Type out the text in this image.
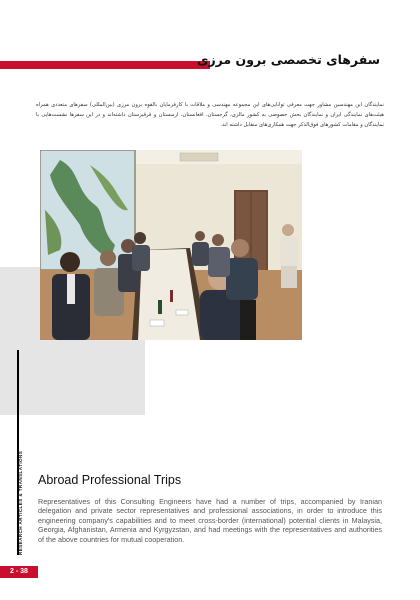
سفرهای تخصصی برون مرزی
نمایندگان این مهندسین مشاور جهت معرفی توانایی‌های این مجموعه مهندسی و ملاقات با کارفرمایان بالقوه برون مرزی (بین‌المللی) سفرهای متعددی همراه هیئت‌های نمایندگی ایران و نمایندگان بخش خصوصی به کشور مالزی، گرجستان، افغانستان، ارمنستان و قرقیزستان داشته‌اند و در این سفرها نشست‌هایی با نمایندگان و مقامات کشورهای فوق‌الذکر جهت همکاری‌های متقابل داشته اند.
Abroad Professional Trips
Representatives of this Consulting Engineers have had a number of trips, accompanied by Iranian delegation and private sector representatives and professional associations, in order to introduce this engineering company's capabilities and to meet cross-border (international) potential clients in Malaysia, Georgia, Afghanistan, Armenia and Kyrgyzstan, and had meetings with the representatives and authorities of the above countries for mutual cooperation.
RESEARCH ARTICLES & TRANSLATIONS
2 - 38
